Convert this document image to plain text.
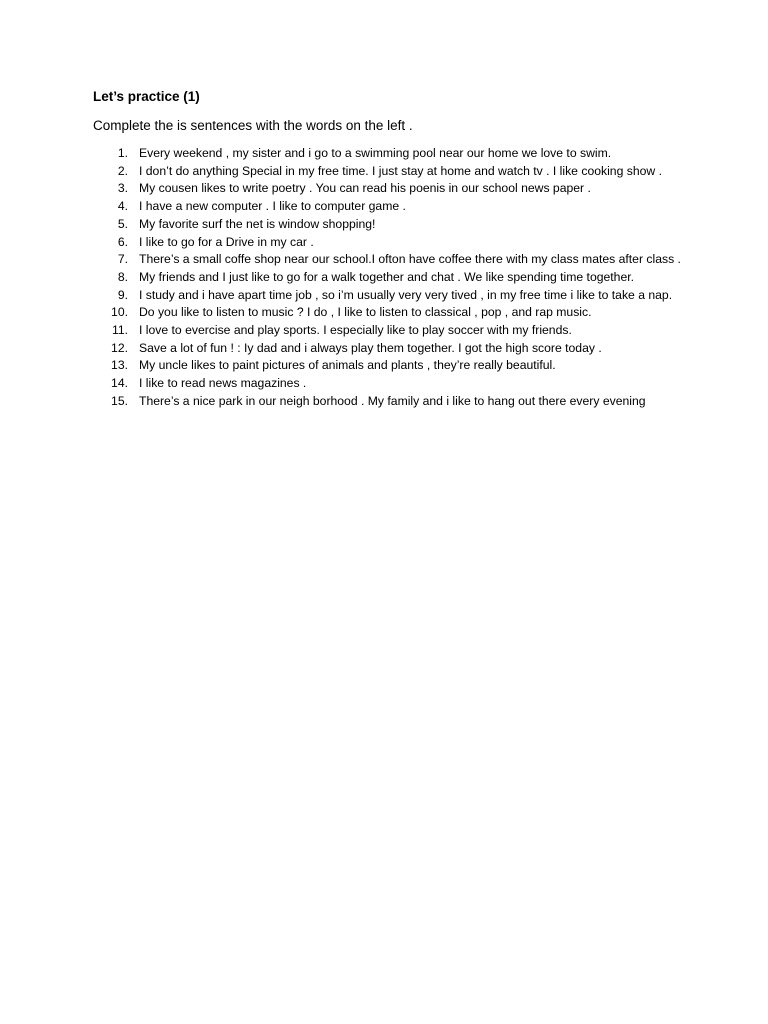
Let’s practice (1)
Complete the is sentences with the words on the left .
1. Every weekend , my sister and i go to a swimming pool near our home we love to swim.
2. I don’t do anything Special in my free time. I just stay at home and watch tv . I like cooking show .
3. My cousen likes to write poetry . You can read his poenis in our school news paper .
4. I have a new computer . I like to computer game .
5. My favorite surf the net is window shopping!
6. I like to go for a Drive in my car .
7. There’s a small coffe shop near our school.I ofton have coffee there with my class mates after class .
8. My friends and I just like to go for a walk together and chat . We like spending time together.
9. I study and i have apart time job , so i’m usually very very tived , in my free time i like to take a nap.
10. Do you like to listen to music ? I do , I like to listen to classical , pop , and rap music.
11. I love to evercise and play sports. I especially like to play soccer with my friends.
12. Save a lot of fun ! : Iy dad and i always play them together. I got the high score today .
13. My uncle likes to paint pictures of animals and plants , they’re really beautiful.
14. I like to read news magazines .
15. There’s a nice park in our neigh borhood . My family and i like to hang out there every evening
